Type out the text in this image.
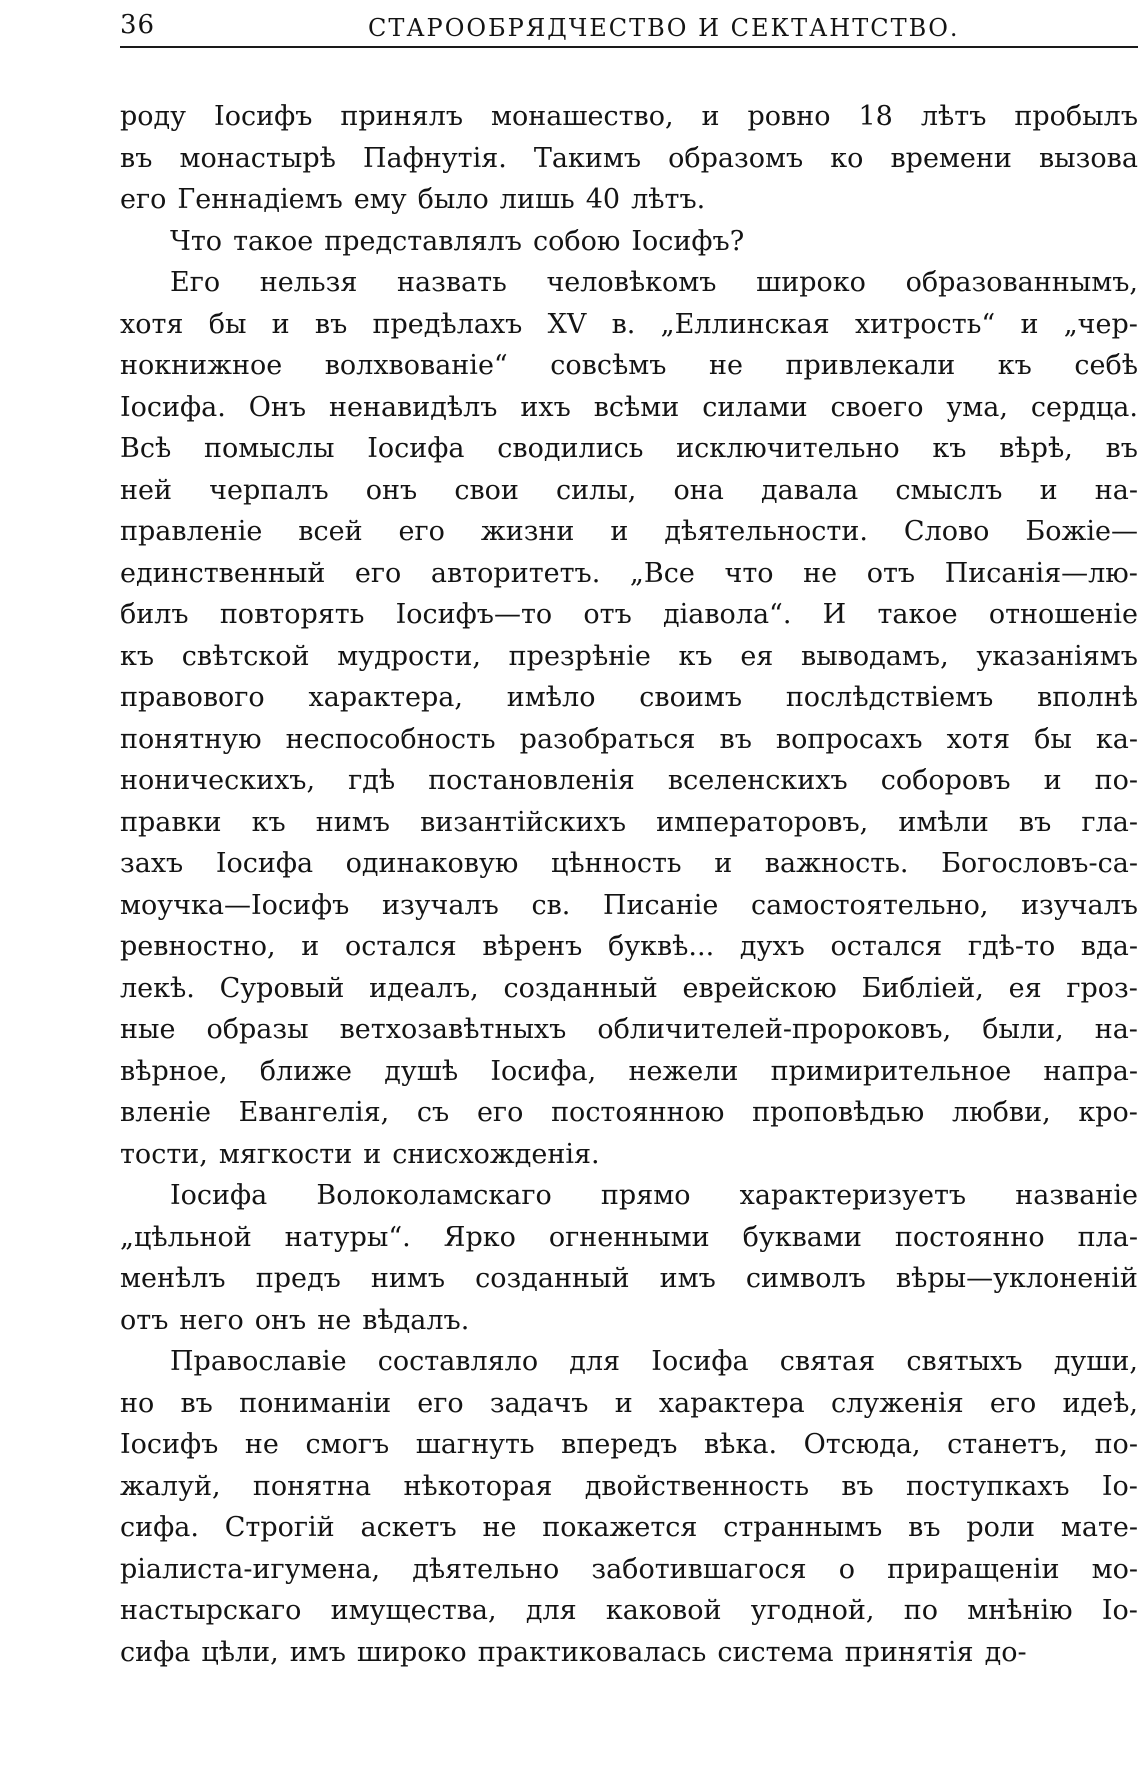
36	СТАРООБРЯДЧЕСТВО И СЕКТАНТСТВО.
роду Іосифъ принялъ монашество, и ровно 18 лѣтъ пробылъ
въ монастырѣ Пафнутія. Такимъ образомъ ко времени вызова
его Геннадіемъ ему было лишь 40 лѣтъ.
Что такое представлялъ собою Іосифъ?
Его нельзя назвать человѣкомъ широко образованнымъ,
хотя бы и въ предѣлахъ XV в. „Еллинская хитрость“ и „чер-
нокнижное волхвованіе“ совсѣмъ не привлекали къ себѣ
Іосифа. Онъ ненавидѣлъ ихъ всѣми силами своего ума, сердца.
Всѣ помыслы Іосифа сводились исключительно къ вѣрѣ, въ
ней черпалъ онъ свои силы, она давала смыслъ и на-
правленіе всей его жизни и дѣятельности. Слово Божіе—
единственный его авторитетъ. „Все что не отъ Писанія—лю-
билъ повторять Іосифъ—то отъ діавола“. И такое отношеніе
къ свѣтской мудрости, презрѣніе къ ея выводамъ, указаніямъ
правового характера, имѣло своимъ послѣдствіемъ вполнѣ
понятную неспособность разобраться въ вопросахъ хотя бы ка-
ноническихъ, гдѣ постановленія вселенскихъ соборовъ и по-
правки къ нимъ византійскихъ императоровъ, имѣли въ гла-
захъ Іосифа одинаковую цѣнность и важность. Богословъ-са-
моучка—Іосифъ изучалъ св. Писаніе самостоятельно, изучалъ
ревностно, и остался вѣренъ буквѣ... духъ остался гдѣ-то вда-
лекѣ. Суровый идеалъ, созданный еврейскою Библіей, ея гроз-
ные образы ветхозавѣтныхъ обличителей-пророковъ, были, на-
вѣрное, ближе душѣ Іосифа, нежели примирительное напра-
вленіе Евангелія, съ его постоянною проповѣдью любви, кро-
тости, мягкости и снисхожденія.
Іосифа Волоколамскаго прямо характеризуетъ названіе
„цѣльной натуры“. Ярко огненными буквами постоянно пла-
менѣлъ предъ нимъ созданный имъ символъ вѣры—уклоненій
отъ него онъ не вѣдалъ.
Православіе составляло для Іосифа святая святыхъ души,
но въ пониманіи его задачъ и характера служенія его идеѣ,
Іосифъ не смогъ шагнуть впередъ вѣка. Отсюда, станетъ, по-
жалуй, понятна нѣкоторая двойственность въ поступкахъ Іо-
сифа. Строгій аскетъ не покажется страннымъ въ роли мате-
ріалиста-игумена, дѣятельно заботившагося о приращеніи мо-
настырскаго имущества, для каковой угодной, по мнѣнію Іо-
сифа цѣли, имъ широко практиковалась система принятія до-
